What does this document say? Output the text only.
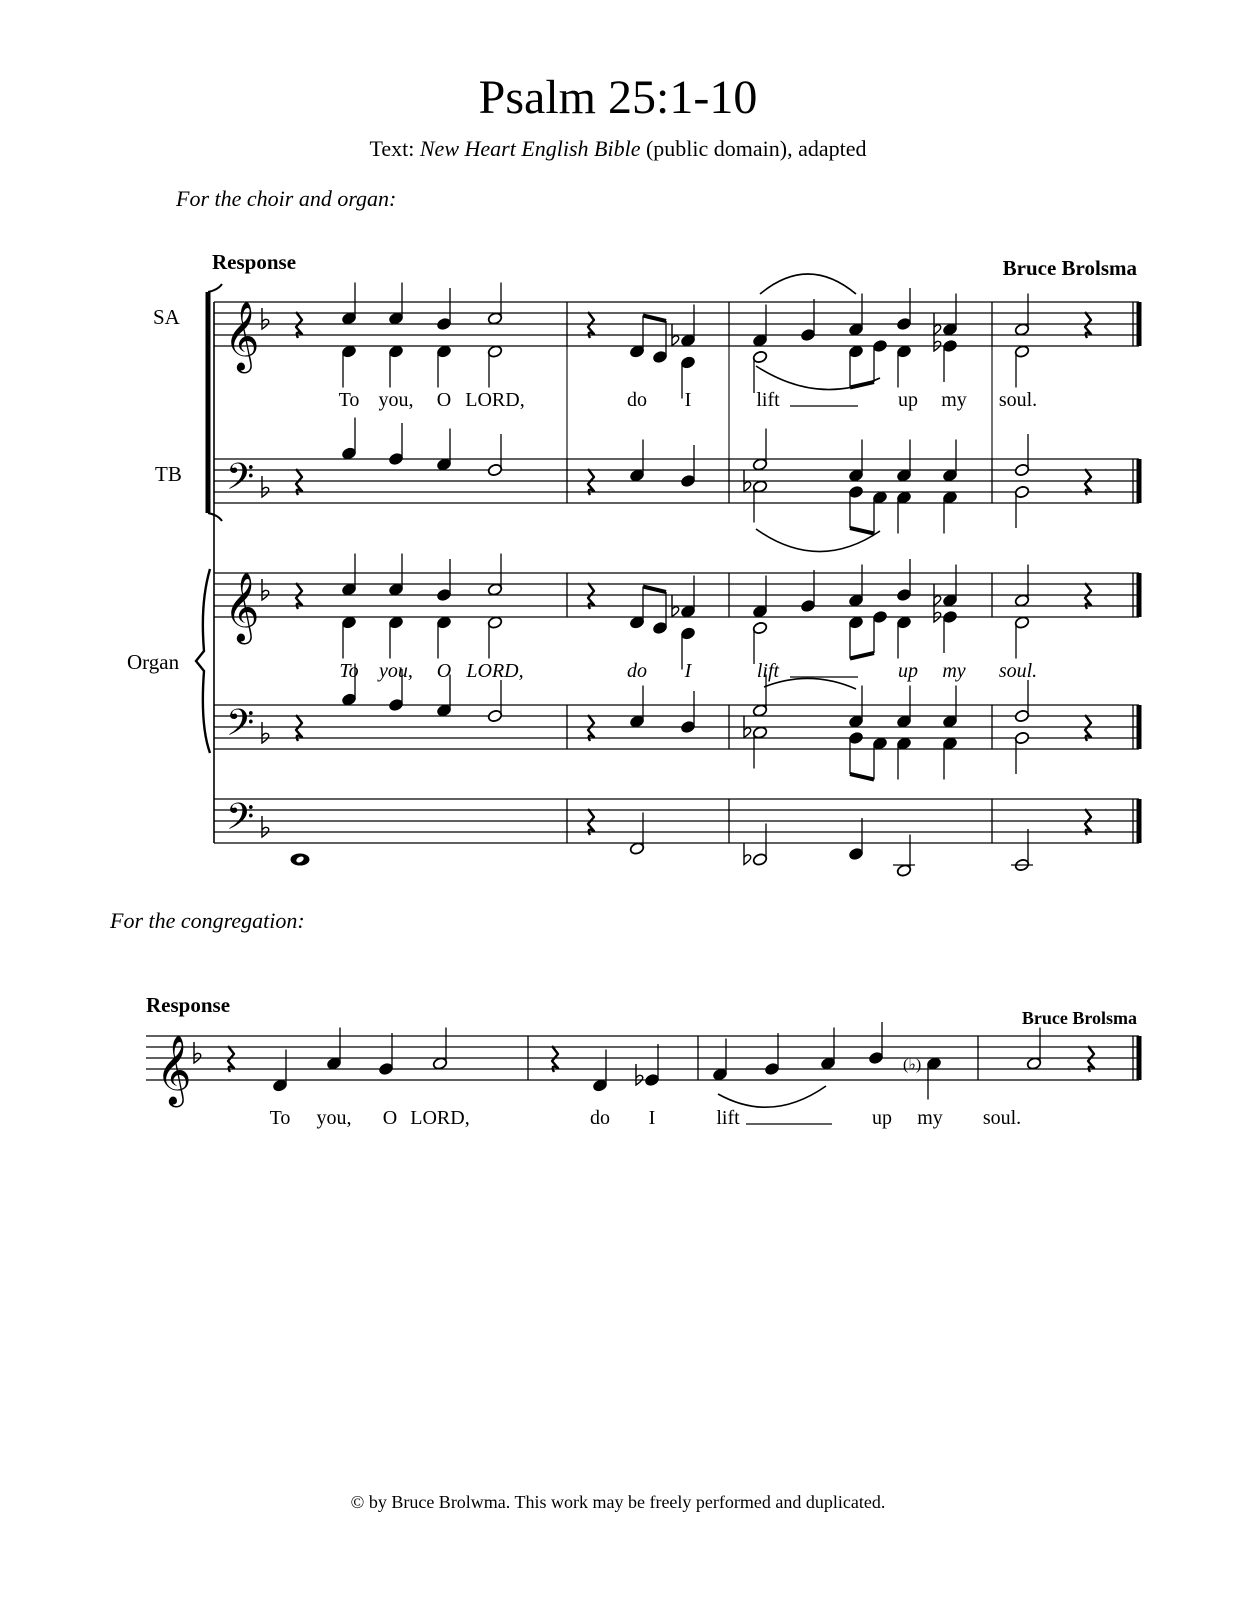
Psalm 25:1-10
Text: New Heart English Bible (public domain), adapted
For the choir and organ:
Response	Bruce Brolsma
SA
TB
Organ
For the congregation:
Response
Bruce Brolsma
𝄞
𝄢
𝄞
𝄢
𝄢
To you, O LORD,	do I	lift	up my soul.
To you, O LORD,	do I	lift	up my soul.
𝄞	(♭)
To you, O LORD,	do I	lift	up my soul.
© by Bruce Brolwma. This work may be freely performed and duplicated.
